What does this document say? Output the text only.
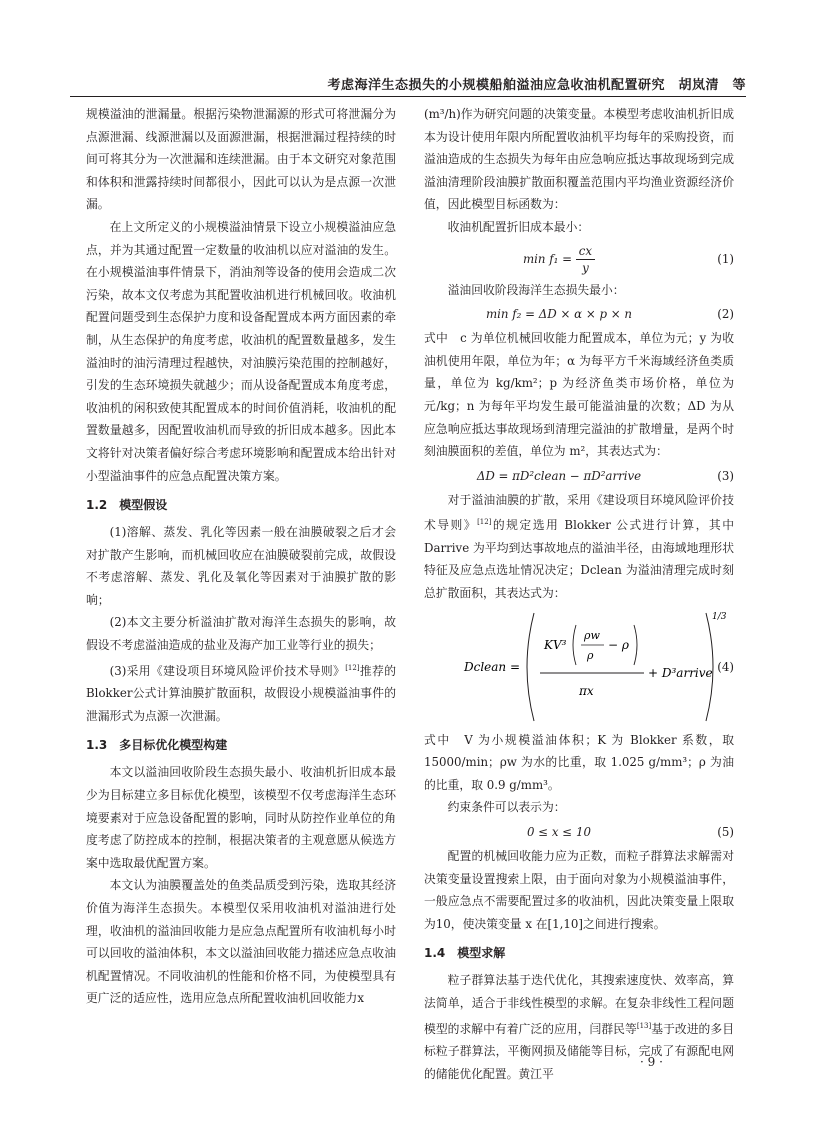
考虑海洋生态损失的小规模船舶溢油应急收油机配置研究　胡岚清　等

规模溢油的泄漏量。根据污染物泄漏源的形式可将泄漏分为点源泄漏、线源泄漏以及面源泄漏，根据泄漏过程持续的时间可将其分为一次泄漏和连续泄漏。由于本文研究对象范围和体积和泄露持续时间都很小，因此可以认为是点源一次泄漏。

在上文所定义的小规模溢油情景下设立小规模溢油应急点，并为其通过配置一定数量的收油机以应对溢油的发生。在小规模溢油事件情景下，消油剂等设备的使用会造成二次污染，故本文仅考虑为其配置收油机进行机械回收。收油机配置问题受到生态保护力度和设备配置成本两方面因素的牵制，从生态保护的角度考虑，收油机的配置数量越多，发生溢油时的油污清理过程越快，对油膜污染范围的控制越好，引发的生态环境损失就越少；而从设备配置成本角度考虑，收油机的闲积致使其配置成本的时间价值消耗，收油机的配置数量越多，因配置收油机而导致的折旧成本越多。因此本文将针对决策者偏好综合考虑环境影响和配置成本给出针对小型溢油事件的应急点配置决策方案。

1.2　模型假设

(1)溶解、蒸发、乳化等因素一般在油膜破裂之后才会对扩散产生影响，而机械回收应在油膜破裂前完成，故假设不考虑溶解、蒸发、乳化及氧化等因素对于油膜扩散的影响；

(2)本文主要分析溢油扩散对海洋生态损失的影响，故假设不考虑溢油造成的盐业及海产加工业等行业的损失；

(3)采用《建设项目环境风险评价技术导则》[12]推荐的Blokker公式计算油膜扩散面积，故假设小规模溢油事件的泄漏形式为点源一次泄漏。

1.3　多目标优化模型构建

本文以溢油回收阶段生态损失最小、收油机折旧成本最少为目标建立多目标优化模型，该模型不仅考虑海洋生态环境要素对于应急设备配置的影响，同时从防控作业单位的角度考虑了防控成本的控制，根据决策者的主观意愿从候选方案中选取最优配置方案。

本文认为油膜覆盖处的鱼类品质受到污染，选取其经济价值为海洋生态损失。本模型仅采用收油机对溢油进行处理，收油机的溢油回收能力是应急点配置所有收油机每小时可以回收的溢油体积，本文以溢油回收能力描述应急点收油机配置情况。不同收油机的性能和价格不同，为使模型具有更广泛的适应性，选用应急点所配置收油机回收能力x

(m³/h)作为研究问题的决策变量。本模型考虑收油机折旧成本为设计使用年限内所配置收油机平均每年的采购投资，而溢油造成的生态损失为每年由应急响应抵达事故现场到完成溢油清理阶段油膜扩散面积覆盖范围内平均渔业资源经济价值，因此模型目标函数为：

收油机配置折旧成本最小：
$\min f_1 = \frac{cx}{y}$	(1)
溢油回收阶段海洋生态损失最小：
min f₂ = ΔD × α × p × n	(2)

式中　c 为单位机械回收能力配置成本，单位为元；y 为收油机使用年限，单位为年；α 为每平方千米海域经济鱼类质量，单位为 kg/km²；p 为经济鱼类市场价格，单位为元/kg；n 为每年平均发生最可能溢油量的次数；ΔD 为从应急响应抵达事故现场到清理完溢油的扩散增量，是两个时刻油膜面积的差值，单位为 m²，其表达式为：

ΔD = πD²clean − πD²arrive	(3)

对于溢油油膜的扩散，采用《建设项目环境风险评价技术导则》[12]的规定选用 Blokker 公式进行计算，其中 Darrive 为平均到达事故地点的溢油半径，由海域地理形状特征及应急点选址情况决定；Dclean 为溢油清理完成时刻总扩散面积，其表达式为：

Dclean =
1/3
KV³
ρw
ρ
− ρ
πx
+ D³arrive (4)

式中　V 为小规模溢油体积；K 为 Blokker 系数，取 15000/min；ρw 为水的比重，取 1.025 g/mm³；ρ 为油的比重，取 0.9 g/mm³。

约束条件可以表示为：
0 ≤ x ≤ 10	(5)

配置的机械回收能力应为正数，而粒子群算法求解需对决策变量设置搜索上限，由于面向对象为小规模溢油事件，一般应急点不需要配置过多的收油机，因此决策变量上限取为10，使决策变量 x 在[1,10]之间进行搜索。

1.4　模型求解

粒子群算法基于迭代优化，其搜索速度快、效率高，算法简单，适合于非线性模型的求解。在复杂非线性工程问题模型的求解中有着广泛的应用，闫群民等[13]基于改进的多目标粒子群算法，平衡网损及储能等目标，完成了有源配电网的储能优化配置。黄江平

· 9 ·
